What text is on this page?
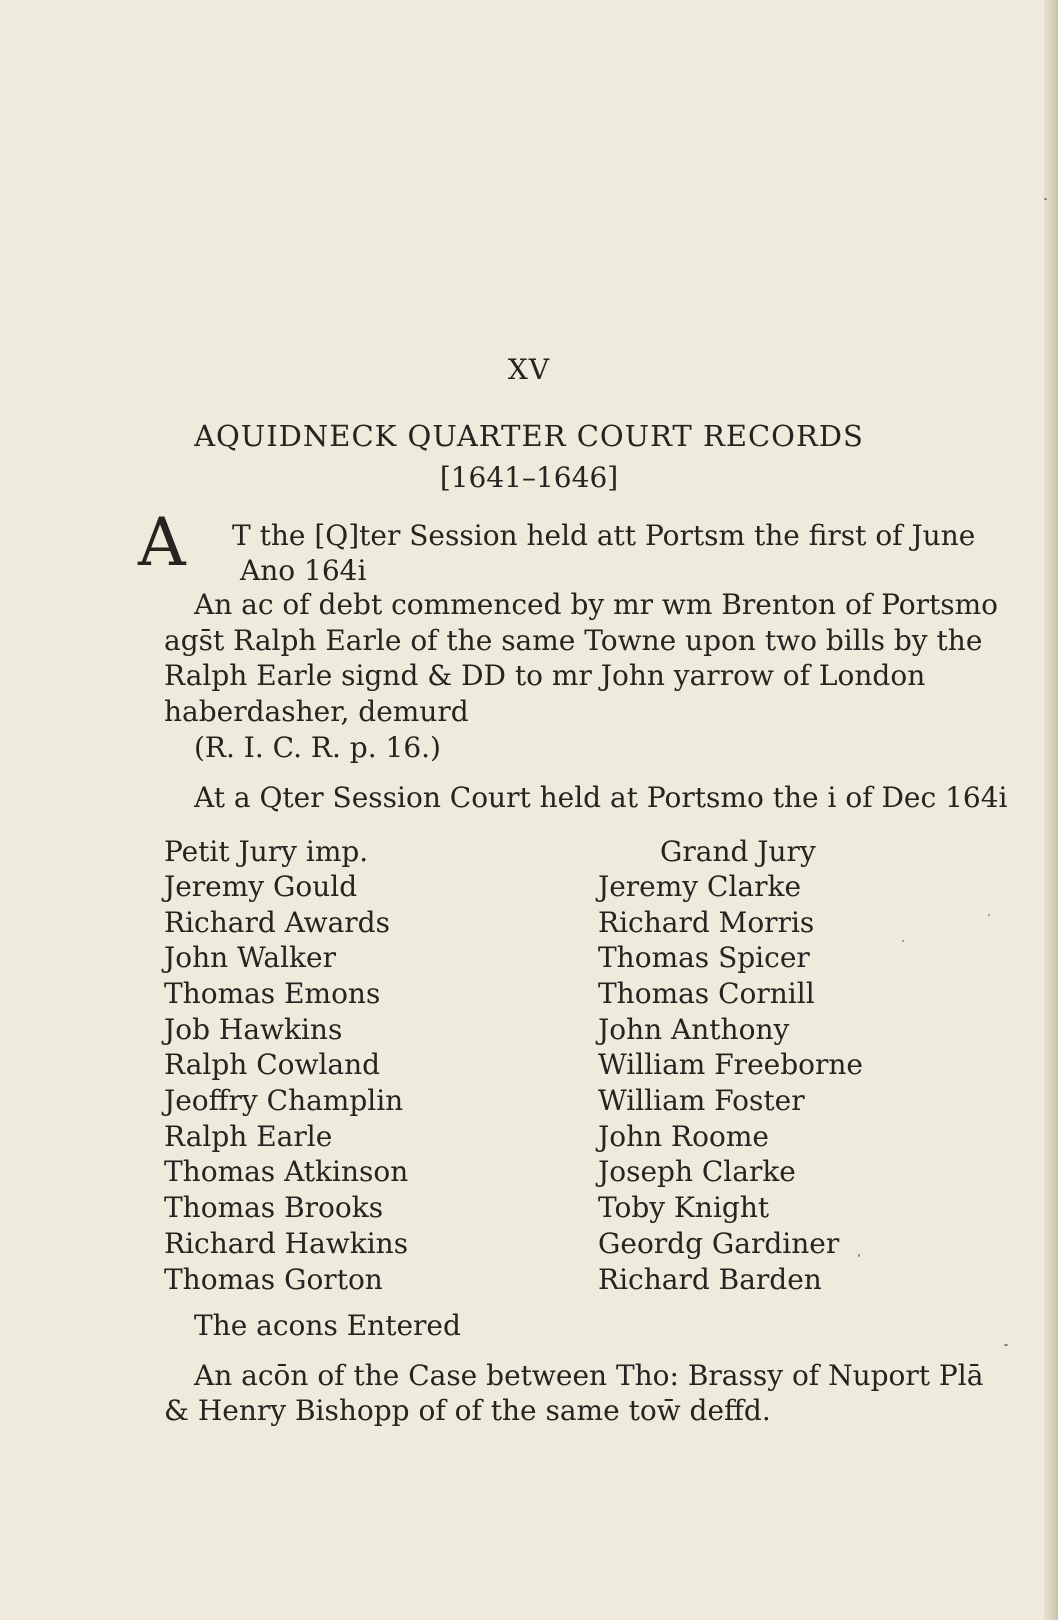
XV
AQUIDNECK QUARTER COURT RECORDS
[1641–1646]
A T the [Q]ter Session held att Portsm the first of June
Ano 164i
An ac of debt commenced by mr wm Brenton of Portsmo
ags̄t Ralph Earle of the same Towne upon two bills by the
Ralph Earle signd & DD to mr John yarrow of London
haberdasher, demurd
(R. I. C. R. p. 16.)
At a Qter Session Court held at Portsmo the i of Dec 164i
Petit Jury imp.	Grand Jury
Jeremy Gould
Richard Awards
John Walker
Thomas Emons
Job Hawkins
Ralph Cowland
Jeoffry Champlin
Ralph Earle
Thomas Atkinson
Thomas Brooks
Richard Hawkins
Thomas Gorton
Jeremy Clarke
Richard Morris
Thomas Spicer
Thomas Cornill
John Anthony
William Freeborne
William Foster
John Roome
Joseph Clarke
Toby Knight
Geordg Gardiner
Richard Barden
The acons Entered
An acōn of the Case between Tho: Brassy of Nuport Plā
& Henry Bishopp of of the same tow̄ deffd.
